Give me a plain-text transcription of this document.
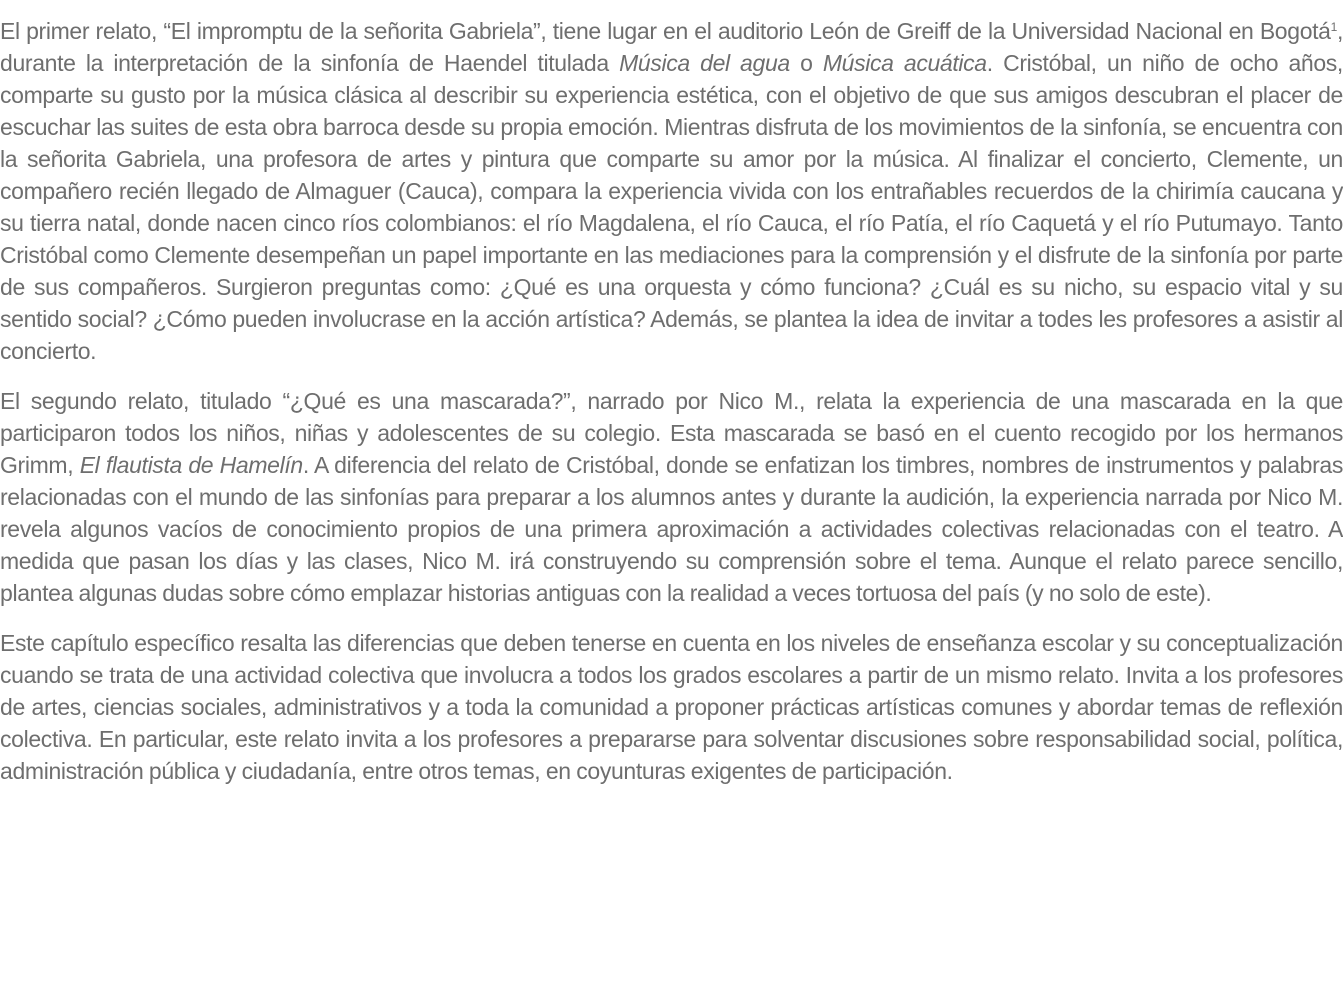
El primer relato, “El impromptu de la señorita Gabriela”, tiene lugar en el auditorio León de Greiff de la Universidad Nacional en Bogotá$^1$, durante la interpretación de la sinfonía de Haendel titulada Música del agua o Música acuática. Cristóbal, un niño de ocho años, comparte su gusto por la música clásica al describir su experiencia estética, con el objetivo de que sus amigos descubran el placer de escuchar las suites de esta obra barroca desde su propia emoción. Mientras disfruta de los movimientos de la sinfonía, se encuentra con la señorita Gabriela, una profesora de artes y pintura que comparte su amor por la música. Al finalizar el concierto, Clemente, un compañero recién llegado de Almaguer (Cauca), compara la experiencia vivida con los entrañables recuerdos de la chirimía caucana y su tierra natal, donde nacen cinco ríos colombianos: el río Magdalena, el río Cauca, el río Patía, el río Caquetá y el río Putumayo. Tanto Cristóbal como Clemente desempeñan un papel importante en las mediaciones para la comprensión y el disfrute de la sinfonía por parte de sus compañeros. Surgieron preguntas como: ¿Qué es una orquesta y cómo funciona? ¿Cuál es su nicho, su espacio vital y su sentido social? ¿Cómo pueden involucrase en la acción artística? Además, se plantea la idea de invitar a todes les profesores a asistir al concierto.

El segundo relato, titulado “¿Qué es una mascarada?”, narrado por Nico M., relata la experiencia de una mascarada en la que participaron todos los niños, niñas y adolescentes de su colegio. Esta mascarada se basó en el cuento recogido por los hermanos Grimm, El flautista de Hamelín. A diferencia del relato de Cristóbal, donde se enfatizan los timbres, nombres de instrumentos y palabras relacionadas con el mundo de las sinfonías para preparar a los alumnos antes y durante la audición, la experiencia narrada por Nico M. revela algunos vacíos de conocimiento propios de una primera aproximación a actividades colectivas relacionadas con el teatro. A medida que pasan los días y las clases, Nico M. irá construyendo su comprensión sobre el tema. Aunque el relato parece sencillo, plantea algunas dudas sobre cómo emplazar historias antiguas con la realidad a veces tortuosa del país (y no solo de este).

Este capítulo específico resalta las diferencias que deben tenerse en cuenta en los niveles de enseñanza escolar y su conceptualización cuando se trata de una actividad colectiva que involucra a todos los grados escolares a partir de un mismo relato. Invita a los profesores de artes, ciencias sociales, administrativos y a toda la comunidad a proponer prácticas artísticas comunes y abordar temas de reflexión colectiva. En particular, este relato invita a los profesores a prepararse para solventar discusiones sobre responsabilidad social, política, administración pública y ciudadanía, entre otros temas, en coyunturas exigentes de participación.
